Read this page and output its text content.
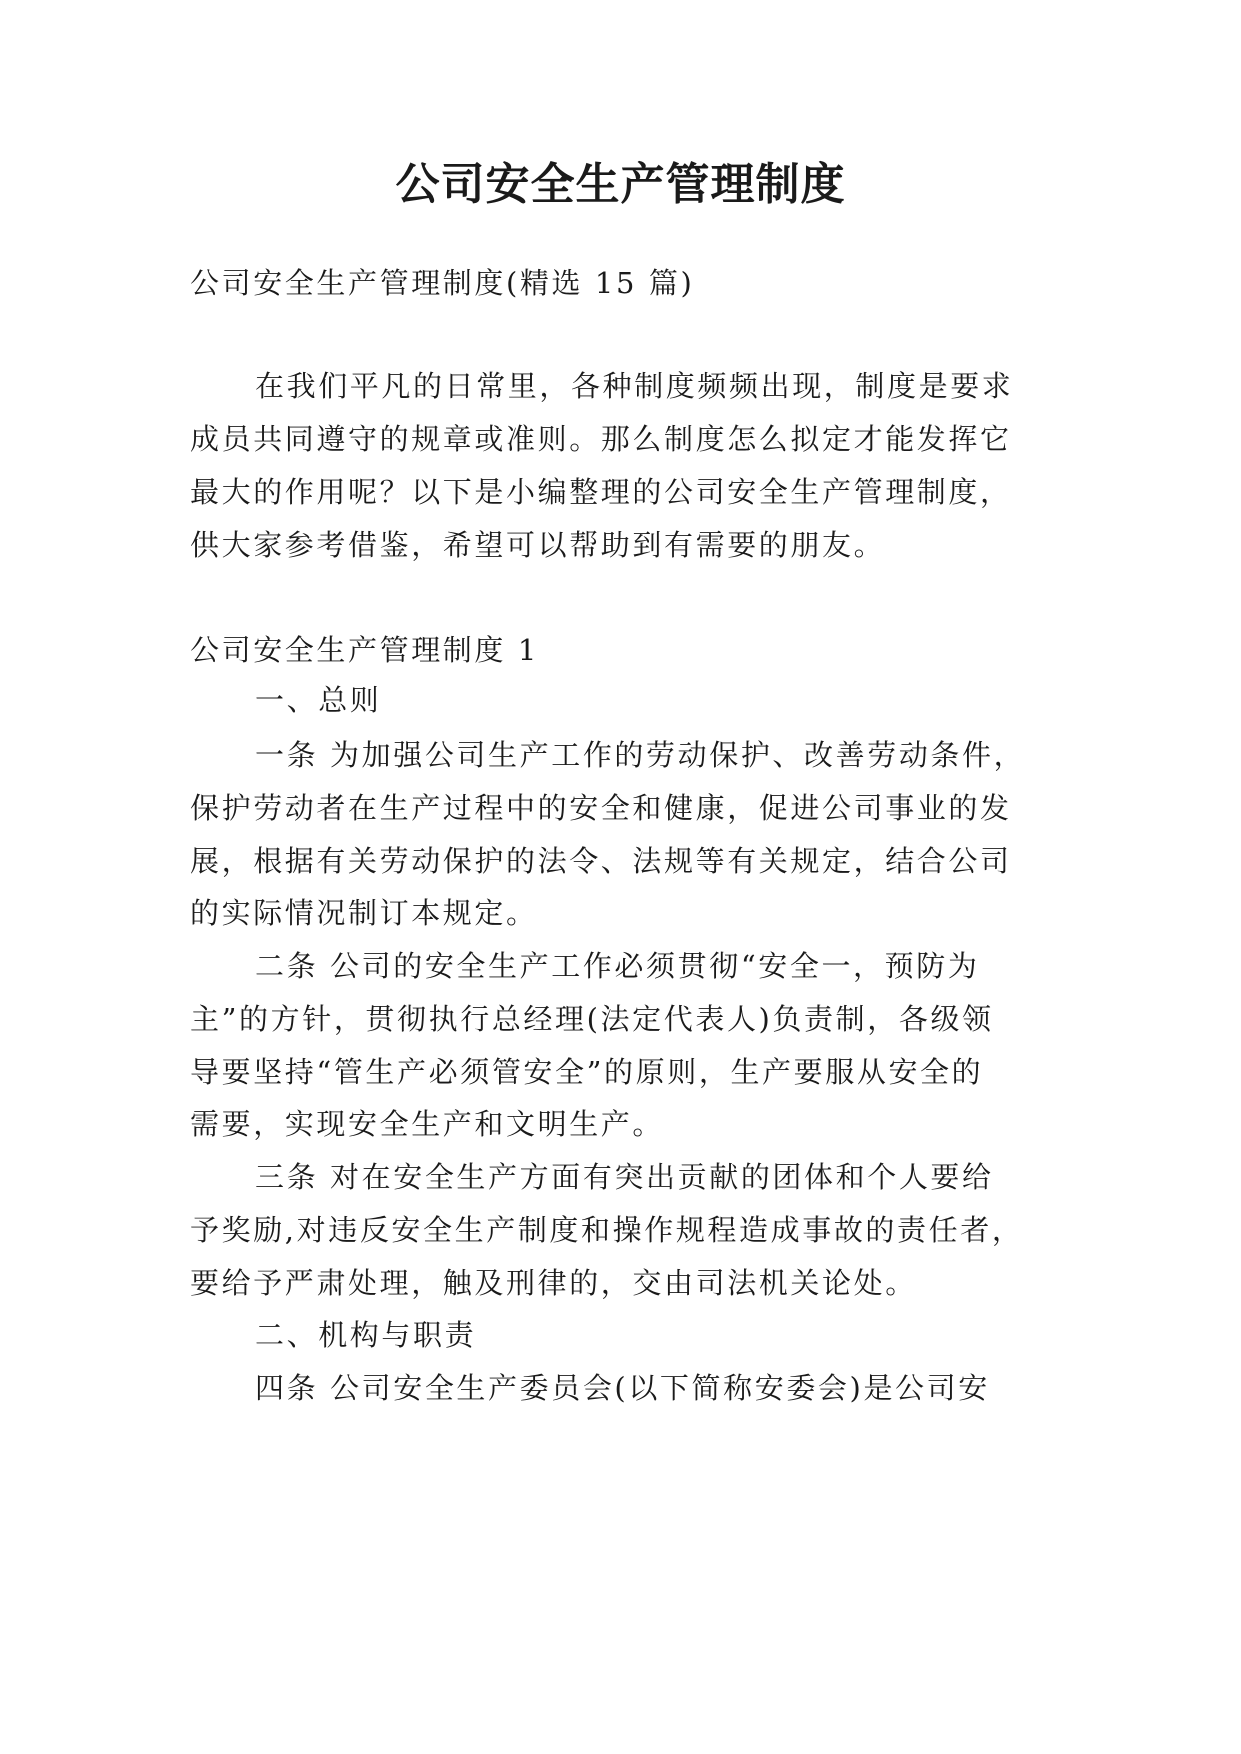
公司安全生产管理制度
公司安全生产管理制度(精选 15 篇)
在我们平凡的日常里，各种制度频频出现，制度是要求
成员共同遵守的规章或准则。那么制度怎么拟定才能发挥它
最大的作用呢？以下是小编整理的公司安全生产管理制度，
供大家参考借鉴，希望可以帮助到有需要的朋友。
公司安全生产管理制度 1
一、总则
一条 为加强公司生产工作的劳动保护、改善劳动条件，
保护劳动者在生产过程中的安全和健康，促进公司事业的发
展，根据有关劳动保护的法令、法规等有关规定，结合公司
的实际情况制订本规定。
二条 公司的安全生产工作必须贯彻“安全一，预防为
主”的方针，贯彻执行总经理(法定代表人)负责制，各级领
导要坚持“管生产必须管安全”的原则，生产要服从安全的
需要，实现安全生产和文明生产。
三条 对在安全生产方面有突出贡献的团体和个人要给
予奖励,对违反安全生产制度和操作规程造成事故的责任者，
要给予严肃处理，触及刑律的，交由司法机关论处。
二、机构与职责
四条 公司安全生产委员会(以下简称安委会)是公司安
